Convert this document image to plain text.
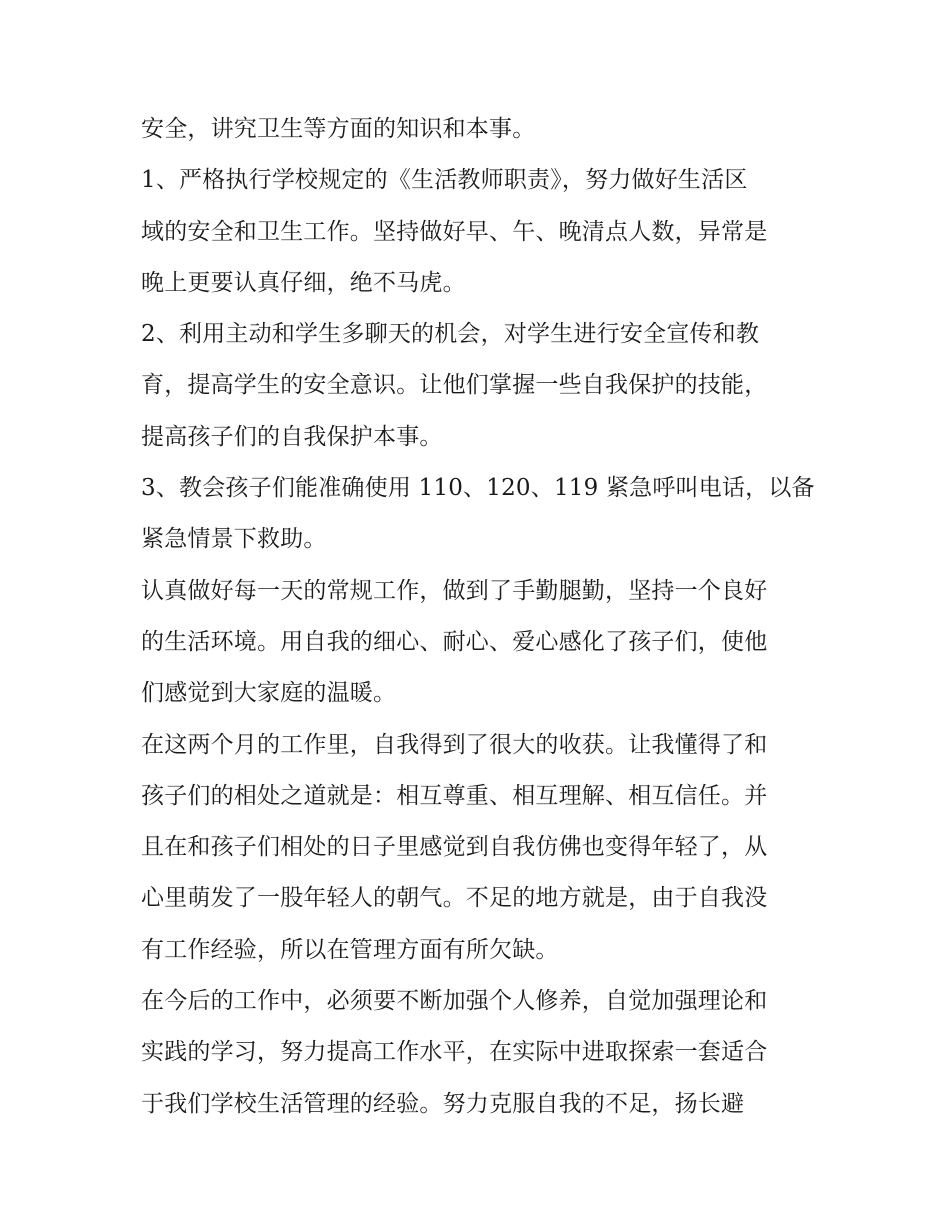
安全，讲究卫生等方面的知识和本事。
1、严格执行学校规定的《生活教师职责》，努力做好生活区
域的安全和卫生工作。坚持做好早、午、晚清点人数，异常是
晚上更要认真仔细，绝不马虎。
2、利用主动和学生多聊天的机会，对学生进行安全宣传和教
育，提高学生的安全意识。让他们掌握一些自我保护的技能，
提高孩子们的自我保护本事。
3、教会孩子们能准确使用 110、120、119 紧急呼叫电话，以备
紧急情景下救助。
认真做好每一天的常规工作，做到了手勤腿勤，坚持一个良好
的生活环境。用自我的细心、耐心、爱心感化了孩子们，使他
们感觉到大家庭的温暖。
在这两个月的工作里，自我得到了很大的收获。让我懂得了和
孩子们的相处之道就是：相互尊重、相互理解、相互信任。并
且在和孩子们相处的日子里感觉到自我仿佛也变得年轻了，从
心里萌发了一股年轻人的朝气。不足的地方就是，由于自我没
有工作经验，所以在管理方面有所欠缺。
在今后的工作中，必须要不断加强个人修养，自觉加强理论和
实践的学习，努力提高工作水平，在实际中进取探索一套适合
于我们学校生活管理的经验。努力克服自我的不足，扬长避
